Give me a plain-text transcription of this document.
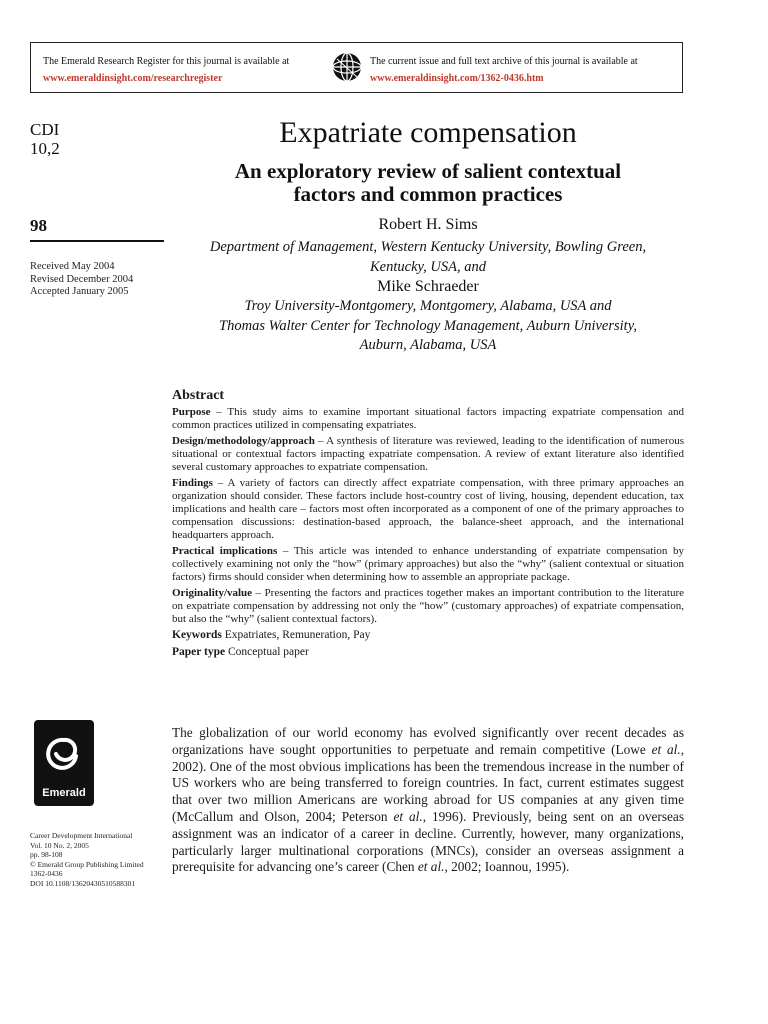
The Emerald Research Register for this journal is available at
www.emeraldinsight.com/researchregister
The current issue and full text archive of this journal is available at
www.emeraldinsight.com/1362-0436.htm
CDI
10,2
98
Received May 2004
Revised December 2004
Accepted January 2005
Expatriate compensation
An exploratory review of salient contextual
factors and common practices
Robert H. Sims
Department of Management, Western Kentucky University, Bowling Green,
Kentucky, USA, and
Mike Schraeder
Troy University-Montgomery, Montgomery, Alabama, USA and
Thomas Walter Center for Technology Management, Auburn University,
Auburn, Alabama, USA
Abstract
Purpose – This study aims to examine important situational factors impacting expatriate compensation and common practices utilized in compensating expatriates.
Design/methodology/approach – A synthesis of literature was reviewed, leading to the identification of numerous situational or contextual factors impacting expatriate compensation. A review of extant literature also identified several customary approaches to expatriate compensation.
Findings – A variety of factors can directly affect expatriate compensation, with three primary approaches an organization should consider. These factors include host-country cost of living, housing, dependent education, tax implications and health care – factors most often incorporated as a component of one of the primary approaches to compensation discussions: destination-based approach, the balance-sheet approach, and the international headquarters approach.
Practical implications – This article was intended to enhance understanding of expatriate compensation by collectively examining not only the “how” (primary approaches) but also the “why” (salient contextual or situation factors) firms should consider when determining how to assemble an appropriate package.
Originality/value – Presenting the factors and practices together makes an important contribution to the literature on expatriate compensation by addressing not only the “how” (customary approaches) of expatriate compensation, but also the “why” (salient contextual factors).
Keywords Expatriates, Remuneration, Pay
Paper type Conceptual paper
The globalization of our world economy has evolved significantly over recent decades as organizations have sought opportunities to perpetuate and remain competitive (Lowe et al., 2002). One of the most obvious implications has been the tremendous increase in the number of US workers who are being transferred to foreign countries. In fact, current estimates suggest that over two million Americans are working abroad for US companies at any given time (McCallum and Olson, 2004; Peterson et al., 1996). Previously, being sent on an overseas assignment was an indicator of a career in decline. Currently, however, many organizations, particularly larger multinational corporations (MNCs), consider an overseas assignment a prerequisite for advancing one’s career (Chen et al., 2002; Ioannou, 1995).
Emerald
Career Development International
Vol. 10 No. 2, 2005
pp. 98-108
© Emerald Group Publishing Limited
1362-0436
DOI 10.1108/13620430510588301
